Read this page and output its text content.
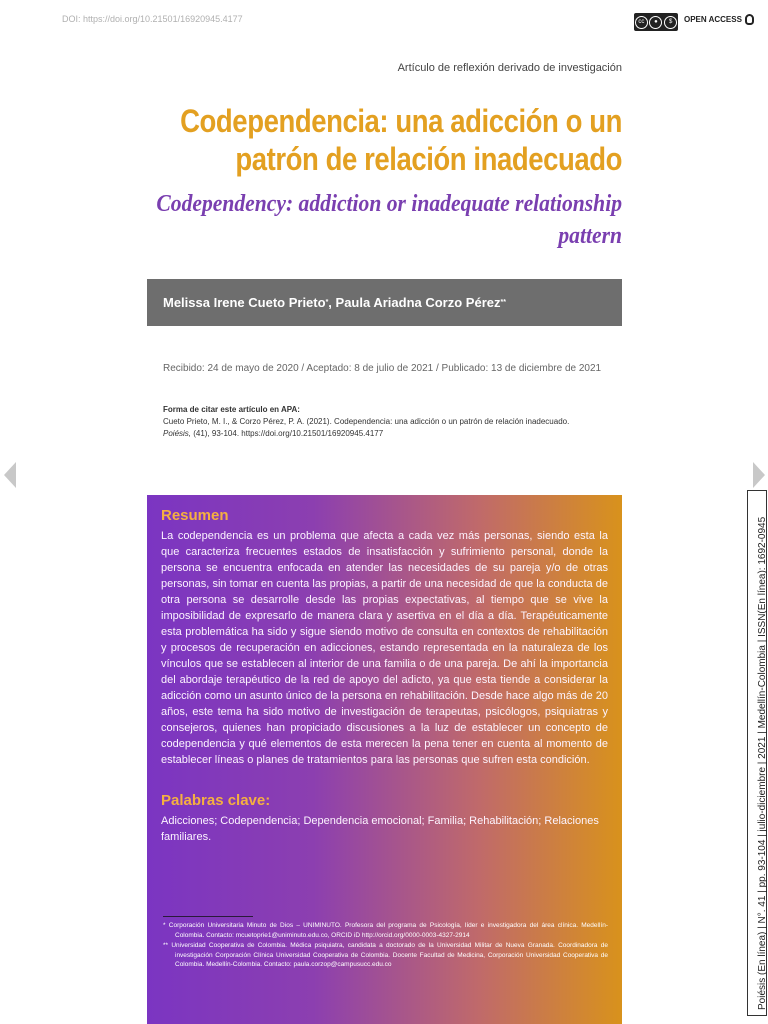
DOI: https://doi.org/10.21501/16920945.4177	cc	●	$	OPEN ACCESS
Artículo de reflexión derivado de investigación
Codependencia: una adicción o un patrón de relación inadecuado
Codependency: addiction or inadequate relationship pattern
Melissa Irene Cueto Prieto * , Paula Ariadna Corzo Pérez **
Recibido: 24 de mayo de 2020 / Aceptado: 8 de julio de 2021 / Publicado: 13 de diciembre de 2021
Forma de citar este artículo en APA:
Cueto Prieto, M. I., & Corzo Pérez, P. A. (2021). Codependencia: una adicción o un patrón de relación inadecuado.
Poiésis, (41), 93-104. https://doi.org/10.21501/16920945.4177
Resumen

La codependencia es un problema que afecta a cada vez más personas, siendo esta la que caracteriza frecuentes estados de insatisfacción y sufrimiento personal, donde la persona se encuentra enfocada en atender las necesidades de su pareja y/o de otras personas, sin tomar en cuenta las propias, a partir de una necesidad de que la conducta de otra persona se desarrolle desde las propias expectativas, al tiempo que se vive la imposibilidad de expresarlo de manera clara y asertiva en el día a día. Terapéuticamente esta problemática ha sido y sigue siendo motivo de consulta en contextos de rehabilitación y procesos de recuperación en adicciones, estando representada en la naturaleza de los vínculos que se establecen al interior de una familia o de una pareja. De ahí la importancia del abordaje terapéutico de la red de apoyo del adicto, ya que esta tiende a considerar la adicción como un asunto único de la persona en rehabilitación. Desde hace algo más de 20 años, este tema ha sido motivo de investigación de terapeutas, psicólogos, psiquiatras y consejeros, quienes han propiciado discusiones a la luz de establecer un concepto de codependencia y qué elementos de esta merecen la pena tener en cuenta al momento de establecer líneas o planes de tratamientos para las personas que sufren esta condición.

Palabras clave:

Adicciones; Codependencia; Dependencia emocional; Familia; Rehabilitación; Relaciones familiares.

* Corporación Universitaria Minuto de Dios – UNIMINUTO. Profesora del programa de Psicología, líder e investigadora del área clínica. Medellín-Colombia. Contacto: mcuetoprie1@uniminuto.edu.co, ORCID iD http://orcid.org/0000-0003-4327-2914

** Universidad Cooperativa de Colombia. Médica psiquiatra, candidata a doctorado de la Universidad Militar de Nueva Granada. Coordinadora de investigación Corporación Clínica Universidad Cooperativa de Colombia. Docente Facultad de Medicina, Corporación Universidad Cooperativa de Colombia. Medellín-Colombia. Contacto: paula.corzop@campusucc.edu.co	Poiésis (En línea) | N°. 41 | pp. 93-104 | julio-diciembre | 2021 | Medellín-Colombia | ISSN(En línea): 1692-0945
